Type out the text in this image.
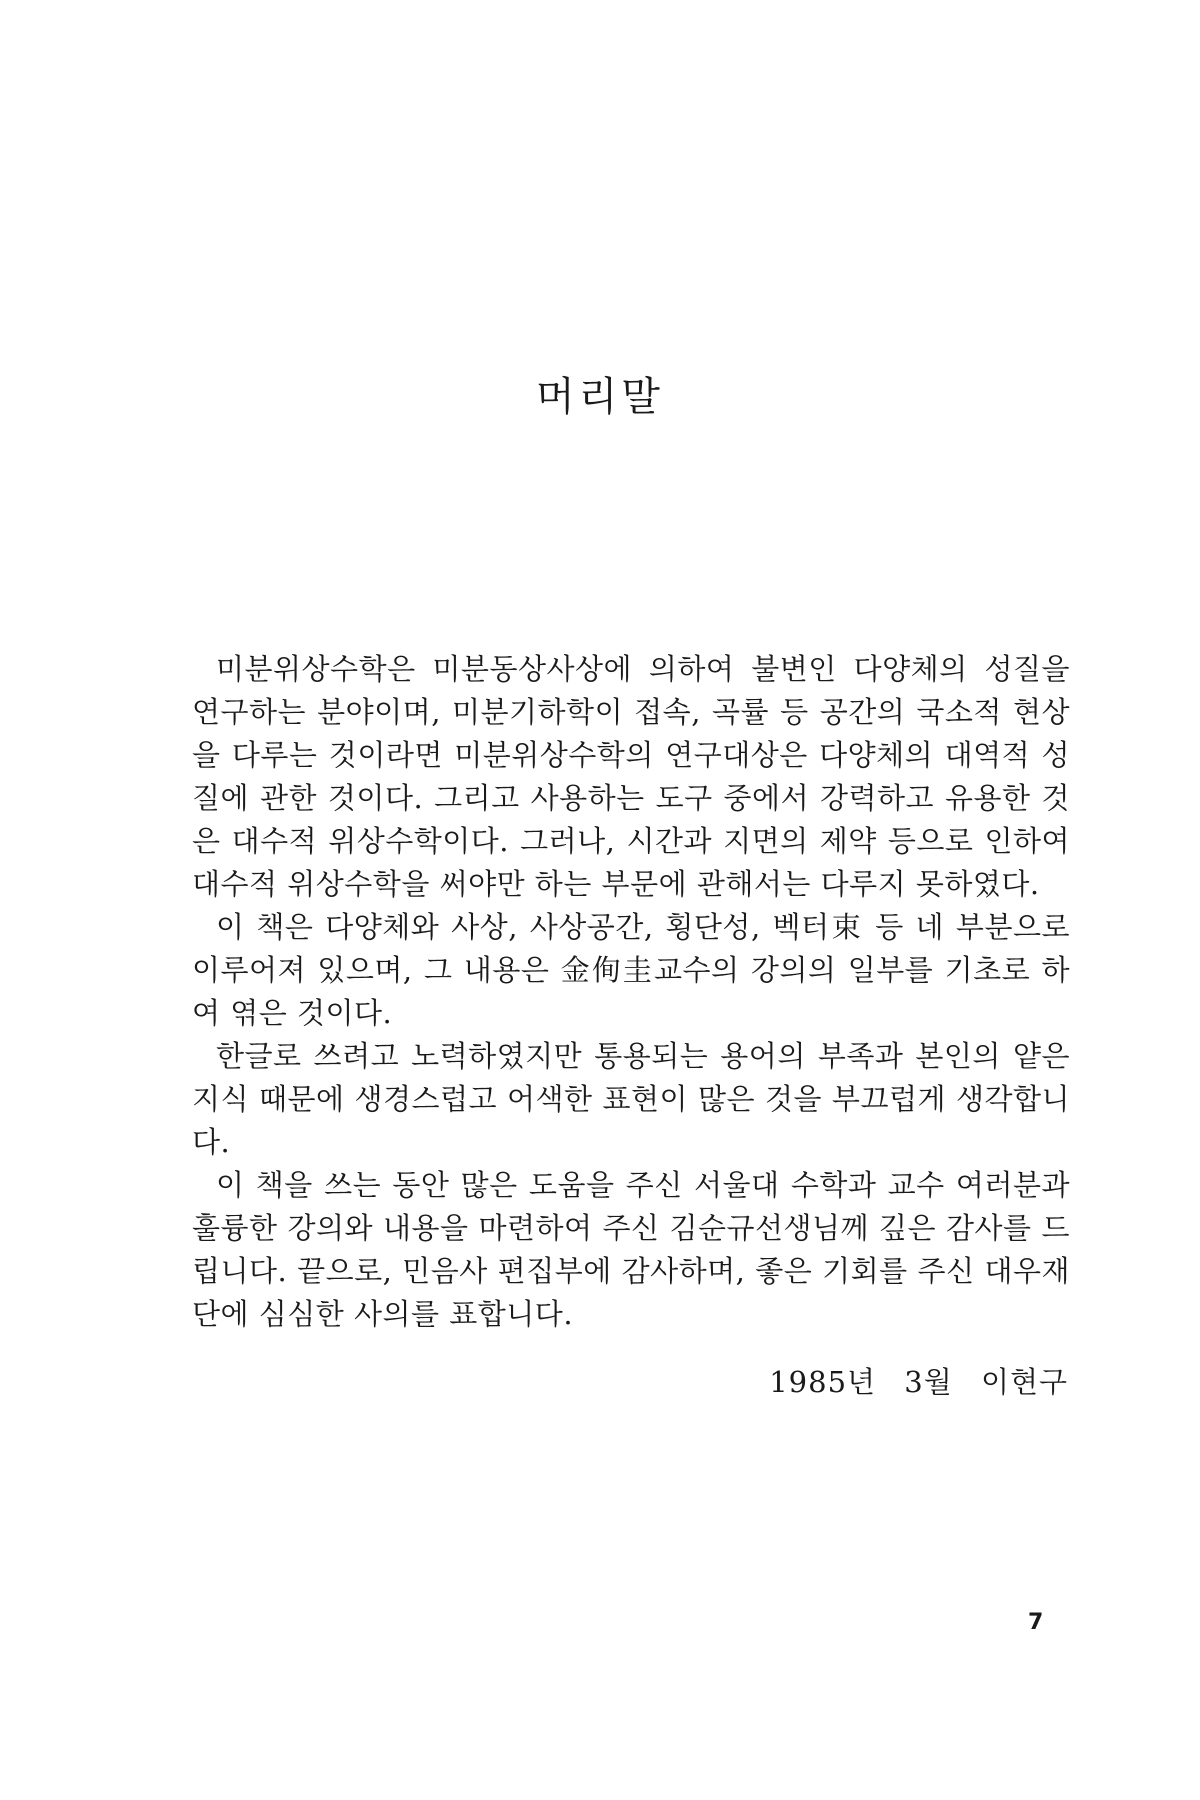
머리말

미분위상수학은 미분동상사상에 의하여 불변인 다양체의 성질을 연구하는 분야이며, 미분기하학이 접속, 곡률 등 공간의 국소적 현상을 다루는 것이라면 미분위상수학의 연구대상은 다양체의 대역적 성질에 관한 것이다. 그리고 사용하는 도구 중에서 강력하고 유용한 것은 대수적 위상수학이다. 그러나, 시간과 지면의 제약 등으로 인하여 대수적 위상수학을 써야만 하는 부문에 관해서는 다루지 못하였다.

이 책은 다양체와 사상, 사상공간, 횡단성, 벡터束 등 네 부분으로 이루어져 있으며, 그 내용은 金侚圭교수의 강의의 일부를 기초로 하여 엮은 것이다.

한글로 쓰려고 노력하였지만 통용되는 용어의 부족과 본인의 얕은 지식 때문에 생경스럽고 어색한 표현이 많은 것을 부끄럽게 생각합니다.

이 책을 쓰는 동안 많은 도움을 주신 서울대 수학과 교수 여러분과 훌륭한 강의와 내용을 마련하여 주신 김순규선생님께 깊은 감사를 드립니다. 끝으로, 민음사 편집부에 감사하며, 좋은 기회를 주신 대우재단에 심심한 사의를 표합니다.

1985년 3월 이현구
7
